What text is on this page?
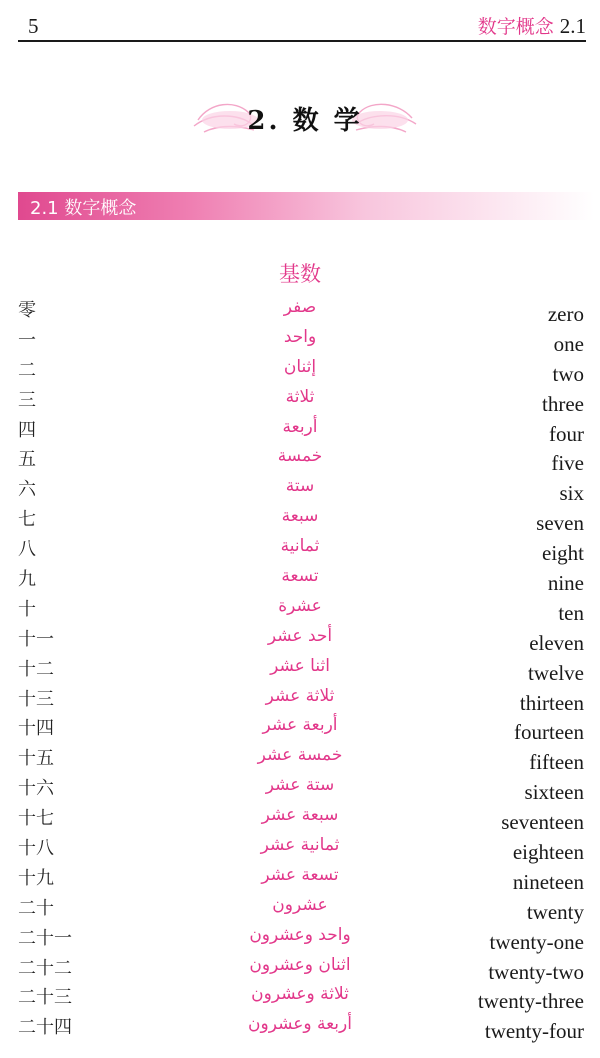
5	数字概念 2.1
2. 数 学
2.1 数字概念
基数
零	صفر	zero
一	واحد	one
二	إثنان	two
三	ثلاثة	three
四	أربعة	four
五	خمسة	five
六	ستة	six
七	سبعة	seven
八	ثمانية	eight
九	تسعة	nine
十	عشرة	ten
十一	أحد عشر	eleven
十二	اثنا عشر	twelve
十三	ثلاثة عشر	thirteen
十四	أربعة عشر	fourteen
十五	خمسة عشر	fifteen
十六	ستة عشر	sixteen
十七	سبعة عشر	seventeen
十八	ثمانية عشر	eighteen
十九	تسعة عشر	nineteen
二十	عشرون	twenty
二十一	واحد وعشرون	twenty-one
二十二	اثنان وعشرون	twenty-two
二十三	ثلاثة وعشرون	twenty-three
二十四	أربعة وعشرون	twenty-four
